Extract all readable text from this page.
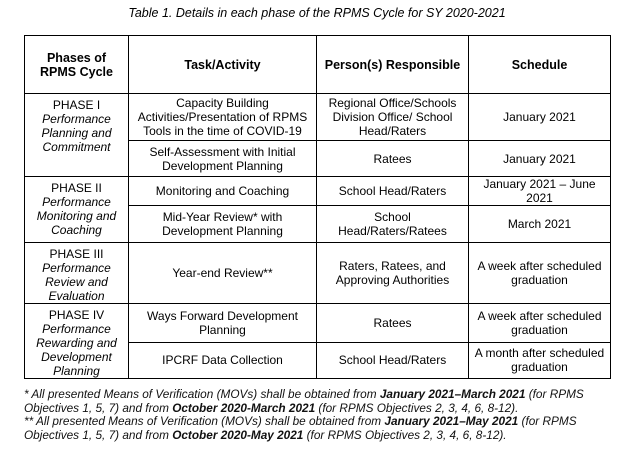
Table 1. Details in each phase of the RPMS Cycle for SY 2020-2021
Phases of RPMS Cycle	Task/Activity	Person(s) Responsible	Schedule

PHASE I
Performance Planning and Commitment	Capacity Building Activities/Presentation of RPMS Tools in the time of COVID-19	Regional Office/Schools Division Office/ School Head/Raters	January 2021
	Self-Assessment with Initial Development Planning	Ratees	January 2021

PHASE II
Performance Monitoring and Coaching	Monitoring and Coaching	School Head/Raters	January 2021 – June 2021
	Mid-Year Review* with Development Planning	School Head/Raters/Ratees	March 2021

PHASE III
Performance Review and Evaluation	Year-end Review**	Raters, Ratees, and Approving Authorities	A week after scheduled graduation

PHASE IV
Performance Rewarding and Development Planning	Ways Forward Development Planning	Ratees	A week after scheduled graduation
	IPCRF Data Collection	School Head/Raters	A month after scheduled graduation

* All presented Means of Verification (MOVs) shall be obtained from January 2021–March 2021 (for RPMS Objectives 1, 5, 7) and from October 2020-March 2021 (for RPMS Objectives 2, 3, 4, 6, 8-12).

** All presented Means of Verification (MOVs) shall be obtained from January 2021–May 2021 (for RPMS Objectives 1, 5, 7) and from October 2020-May 2021 (for RPMS Objectives 2, 3, 4, 6, 8-12).
